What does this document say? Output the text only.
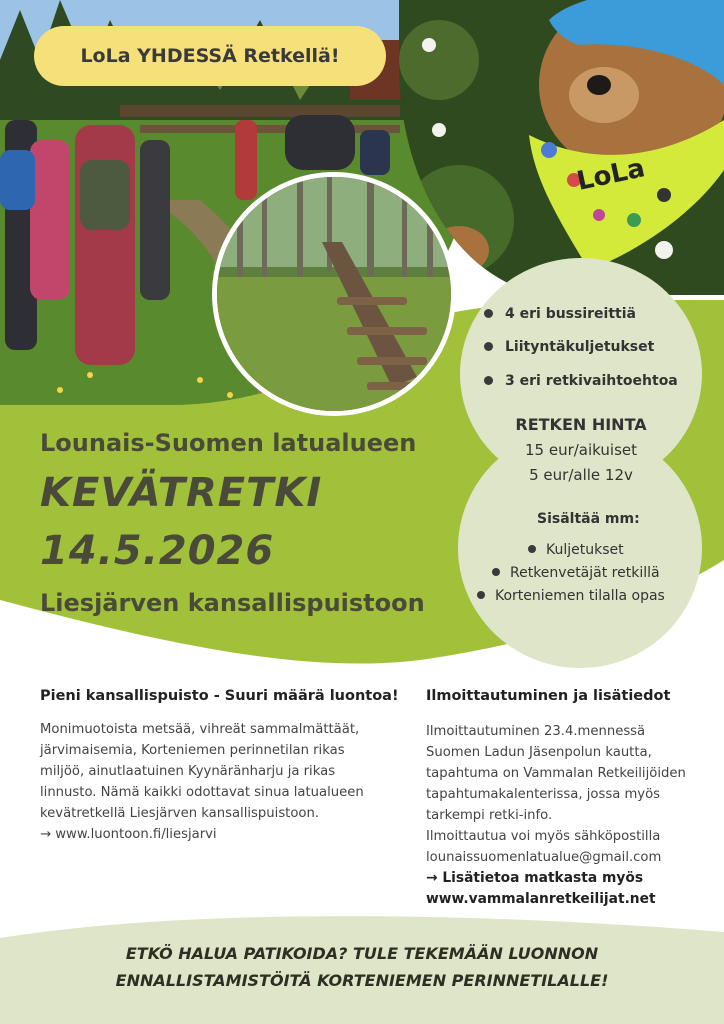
LoLa
LoLa YHDESSÄ Retkellä!
4 eri bussireittiä
Liityntäkuljetukset
3 eri retkivaihtoehtoa
RETKEN HINTA
15 eur/aikuiset
5 eur/alle 12v
Sisältää mm:
Kuljetukset
Retkenvetäjät retkillä
Korteniemen tilalla opas
Lounais-Suomen latualueen
KEVÄTRETKI
14.5.2026
Liesjärven kansallispuistoon
Pieni kansallispuisto - Suuri määrä luontoa!
Monimuotoista metsää, vihreät sammalmättäät,
järvimaisemia, Korteniemen perinnetilan rikas
miljöö, ainutlaatuinen Kyynäränharju ja rikas
linnusto. Nämä kaikki odottavat sinua latualueen
kevätretkellä Liesjärven kansallispuistoon.
→ www.luontoon.fi/liesjarvi
Ilmoittautuminen ja lisätiedot
Ilmoittautuminen 23.4.mennessä
Suomen Ladun Jäsenpolun kautta,
tapahtuma on Vammalan Retkeilijöiden
tapahtumakalenterissa, jossa myös
tarkempi retki-info.
Ilmoittautua voi myös sähköpostilla
lounaissuomenlatualue@gmail.com
→ Lisätietoa matkasta myös
www.vammalanretkeilijat.net
ETKÖ HALUA PATIKOIDA? TULE TEKEMÄÄN LUONNON
ENNALLISTAMISTÖITÄ KORTENIEMEN PERINNETILALLE!
